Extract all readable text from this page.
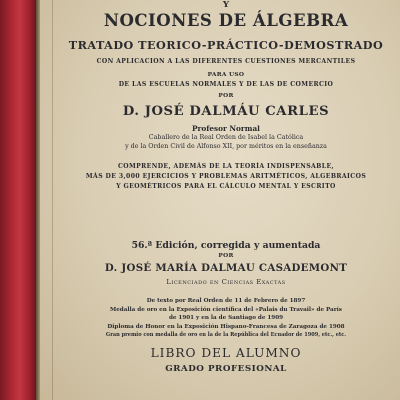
Y
NOCIONES DE ÁLGEBRA
TRATADO TEORICO-PRÁCTICO-DEMOSTRADO
CON APLICACION A LAS DIFERENTES CUESTIONES MERCANTILES
PARA USO
DE LAS ESCUELAS NORMALES Y DE LAS DE COMERCIO
POR
D. JOSÉ DALMÁU CARLES
Profesor Normal
Caballero de la Real Orden de Isabel la Católica
y de la Orden Civil de Alfonso XII, por méritos en la enseñanza
COMPRENDE, ADEMÁS DE LA TEORÍA INDISPENSABLE,
MÁS DE 3,000 EJERCICIOS Y PROBLEMAS ARITMÉTICOS, ALGEBRAICOS
Y GEOMÉTRICOS PARA EL CÁLCULO MENTAL Y ESCRITO
56.ª Edición, corregida y aumentada
POR
D. JOSÉ MARÍA DALMAU CASADEMONT
Licenciado en Ciencias Exactas
De texto por Real Orden de 11 de Febrero de 1897
Medalla de oro en la Exposición científica del «Palais du Travail» de París
de 1901 y en la de Santiago de 1909
Diploma de Honor en la Exposición Hispano-Francesa de Zaragoza de 1908
Gran premio con medalla de oro en la de la República del Ecuador de 1909, etc., etc.
LIBRO DEL ALUMNO
GRADO PROFESIONAL
